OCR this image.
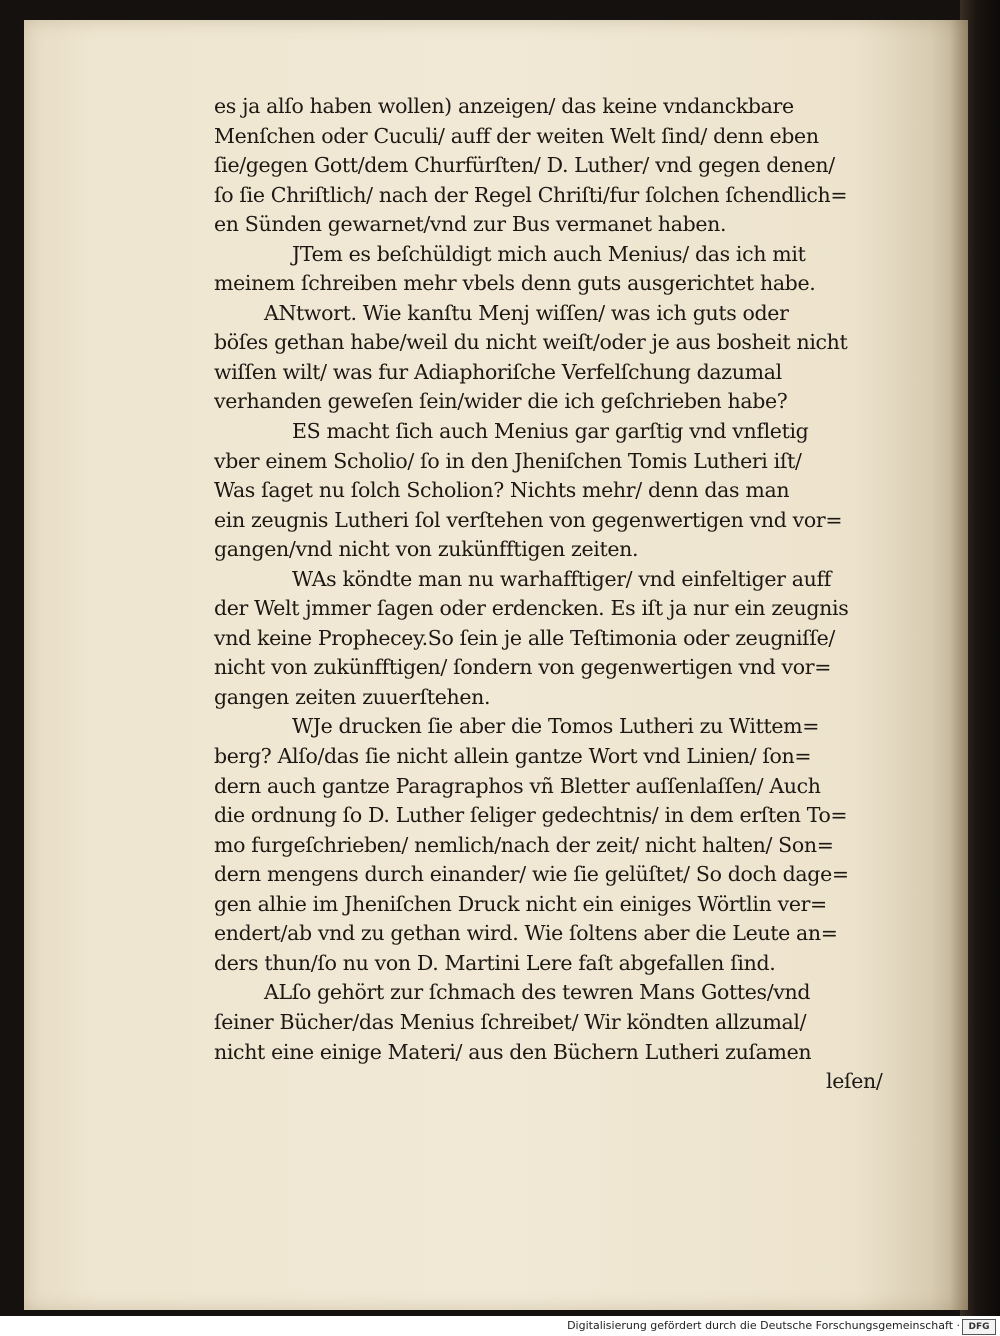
es ja alſo haben wollen) anzeigen/ das keine vndanckbare
Menſchen oder Cuculi/ auff der weiten Welt ſind/ denn eben
ſie/gegen Gott/dem Churfürſten/ D. Luther/ vnd gegen denen/
ſo ſie Chriſtlich/ nach der Regel Chriſti/fur ſolchen ſchendlich=
en Sünden gewarnet/vnd zur Bus vermanet haben.
JTem es beſchüldigt mich auch Menius/ das ich mit
meinem ſchreiben mehr vbels denn guts ausgerichtet habe.
ANtwort. Wie kanſtu Menj wiſſen/ was ich guts oder
böſes gethan habe/weil du nicht weiſt/oder je aus bosheit nicht
wiſſen wilt/ was fur Adiaphoriſche Verfelſchung dazumal
verhanden geweſen ſein/wider die ich geſchrieben habe?
ES macht ſich auch Menius gar garſtig vnd vnfletig
vber einem Scholio/ ſo in den Jheniſchen Tomis Lutheri iſt/
Was ſaget nu ſolch Scholion? Nichts mehr/ denn das man
ein zeugnis Lutheri ſol verſtehen von gegenwertigen vnd vor=
gangen/vnd nicht von zukünfftigen zeiten.
WAs köndte man nu warhafftiger/ vnd einfeltiger auff
der Welt jmmer ſagen oder erdencken. Es iſt ja nur ein zeugnis
vnd keine Prophecey.So ſein je alle Teſtimonia oder zeugniſſe/
nicht von zukünfftigen/ ſondern von gegenwertigen vnd vor=
gangen zeiten zuuerſtehen.
WJe drucken ſie aber die Tomos Lutheri zu Wittem=
berg? Alſo/das ſie nicht allein gantze Wort vnd Linien/ ſon=
dern auch gantze Paragraphos vñ Bletter auſſenlaſſen/ Auch
die ordnung ſo D. Luther ſeliger gedechtnis/ in dem erſten To=
mo furgeſchrieben/ nemlich/nach der zeit/ nicht halten/ Son=
dern mengens durch einander/ wie ſie gelüſtet/ So doch dage=
gen alhie im Jheniſchen Druck nicht ein einiges Wörtlin ver=
endert/ab vnd zu gethan wird. Wie ſoltens aber die Leute an=
ders thun/ſo nu von D. Martini Lere faſt abgefallen ſind.
ALſo gehört zur ſchmach des tewren Mans Gottes/vnd
ſeiner Bücher/das Menius ſchreibet/ Wir köndten allzumal/
nicht eine einige Materi/ aus den Büchern Lutheri zuſamen
leſen/
Digitalisierung gefördert durch die Deutsche Forschungsgemeinschaft · DFG
